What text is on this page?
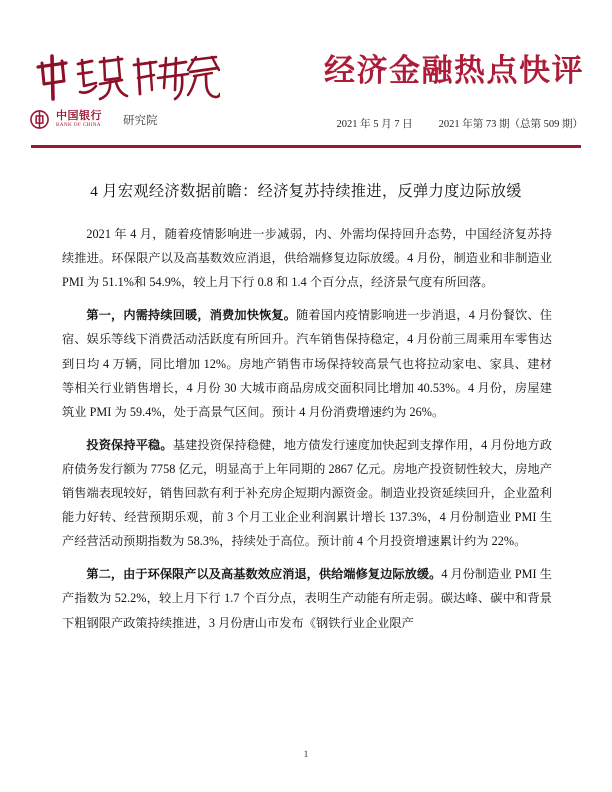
中国银行
BANK OF CHINA 研究院
经济金融热点快评
2021 年 5 月 7 日 2021 年第 73 期（总第 509 期）
4 月宏观经济数据前瞻：经济复苏持续推进，反弹力度边际放缓

2021 年 4 月，随着疫情影响进一步减弱，内、外需均保持回升态势，中国经济复苏持续推进。环保限产以及高基数效应消退，供给端修复边际放缓。4 月份，制造业和非制造业 PMI 为 51.1%和 54.9%，较上月下行 0.8 和 1.4 个百分点，经济景气度有所回落。

第一，内需持续回暖，消费加快恢复。随着国内疫情影响进一步消退，4 月份餐饮、住宿、娱乐等线下消费活动活跃度有所回升。汽车销售保持稳定，4 月份前三周乘用车零售达到日均 4 万辆，同比增加 12%。房地产销售市场保持较高景气也将拉动家电、家具、建材等相关行业销售增长，4 月份 30 大城市商品房成交面积同比增加 40.53%。4 月份，房屋建筑业 PMI 为 59.4%，处于高景气区间。预计 4 月份消费增速约为 26%。

投资保持平稳。基建投资保持稳健，地方债发行速度加快起到支撑作用，4 月份地方政府债务发行额为 7758 亿元，明显高于上年同期的 2867 亿元。房地产投资韧性较大，房地产销售端表现较好，销售回款有利于补充房企短期内源资金。制造业投资延续回升，企业盈利能力好转、经营预期乐观，前 3 个月工业企业利润累计增长 137.3%，4 月份制造业 PMI 生产经营活动预期指数为 58.3%，持续处于高位。预计前 4 个月投资增速累计约为 22%。

第二，由于环保限产以及高基数效应消退，供给端修复边际放缓。4 月份制造业 PMI 生产指数为 52.2%，较上月下行 1.7 个百分点，表明生产动能有所走弱。碳达峰、碳中和背景下粗钢限产政策持续推进，3 月份唐山市发布《钢铁行业企业限产

1
